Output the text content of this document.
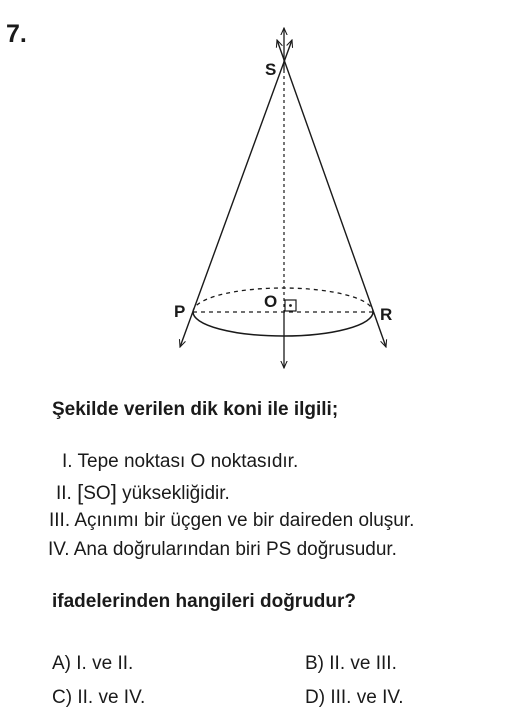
7.
S
O
P	R
Şekilde verilen dik koni ile ilgili;
I. Tepe noktası O noktasıdır.
II. [SO] yüksekliğidir.
III. Açınımı bir üçgen ve bir daireden oluşur.
IV. Ana doğrularından biri PS doğrusudur.
ifadelerinden hangileri doğrudur?
A) I. ve II.	B) II. ve III.
C) II. ve IV.	D) III. ve IV.
